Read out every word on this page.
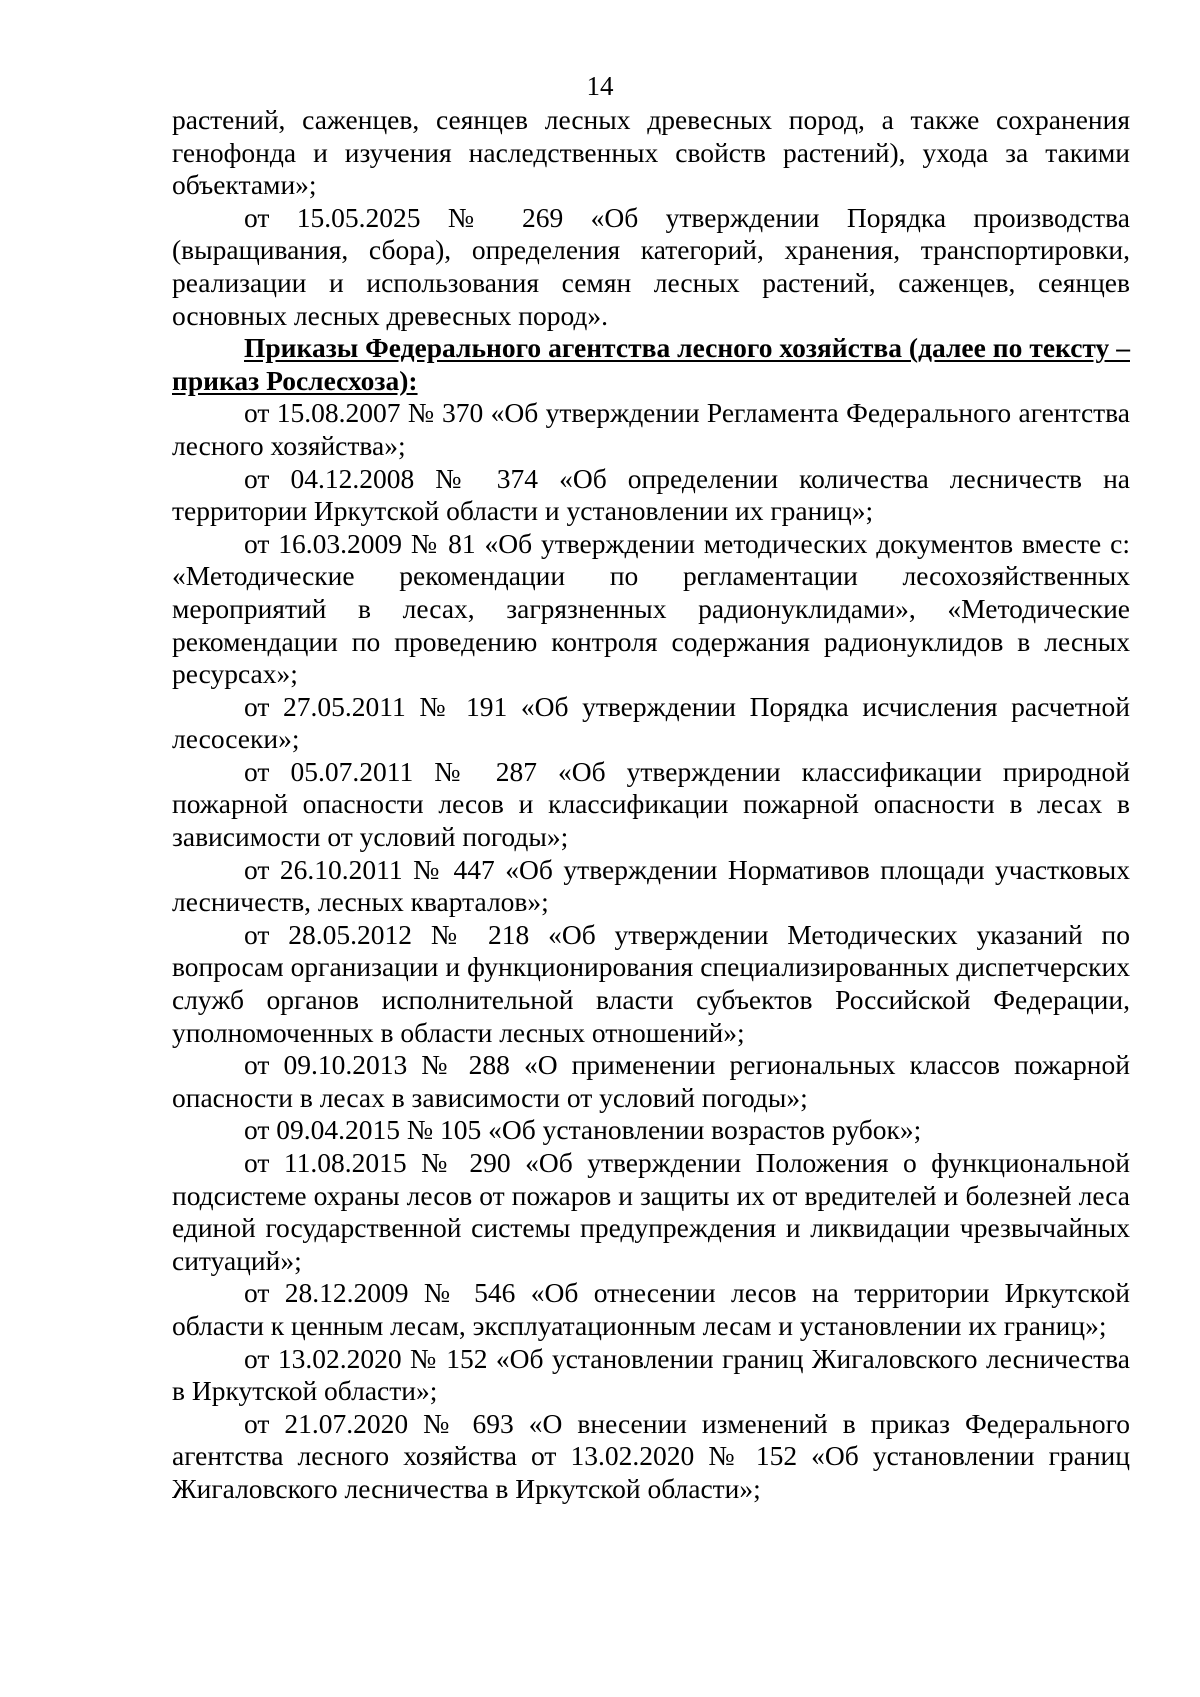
14

растений, саженцев, сеянцев лесных древесных пород, а также сохранения генофонда и изучения наследственных свойств растений), ухода за такими объектами»;

от 15.05.2025 № 269 «Об утверждении Порядка производства (выращивания, сбора), определения категорий, хранения, транспортировки, реализации и использования семян лесных растений, саженцев, сеянцев основных лесных древесных пород».

Приказы Федерального агентства лесного хозяйства (далее по тексту – приказ Рослесхоза):

от 15.08.2007 № 370 «Об утверждении Регламента Федерального агентства лесного хозяйства»;

от 04.12.2008 № 374 «Об определении количества лесничеств на территории Иркутской области и установлении их границ»;

от 16.03.2009 № 81 «Об утверждении методических документов вместе с: «Методические рекомендации по регламентации лесохозяйственных мероприятий в лесах, загрязненных радионуклидами», «Методические рекомендации по проведению контроля содержания радионуклидов в лесных ресурсах»;

от 27.05.2011 № 191 «Об утверждении Порядка исчисления расчетной лесосеки»;

от 05.07.2011 № 287 «Об утверждении классификации природной пожарной опасности лесов и классификации пожарной опасности в лесах в зависимости от условий погоды»;

от 26.10.2011 № 447 «Об утверждении Нормативов площади участковых лесничеств, лесных кварталов»;

от 28.05.2012 № 218 «Об утверждении Методических указаний по вопросам организации и функционирования специализированных диспетчерских служб органов исполнительной власти субъектов Российской Федерации, уполномоченных в области лесных отношений»;

от 09.10.2013 № 288 «О применении региональных классов пожарной опасности в лесах в зависимости от условий погоды»;

от 09.04.2015 № 105 «Об установлении возрастов рубок»;

от 11.08.2015 № 290 «Об утверждении Положения о функциональной подсистеме охраны лесов от пожаров и защиты их от вредителей и болезней леса единой государственной системы предупреждения и ликвидации чрезвычайных ситуаций»;

от 28.12.2009 № 546 «Об отнесении лесов на территории Иркутской области к ценным лесам, эксплуатационным лесам и установлении их границ»;

от 13.02.2020 № 152 «Об установлении границ Жигаловского лесничества в Иркутской области»;

от 21.07.2020 № 693 «О внесении изменений в приказ Федерального агентства лесного хозяйства от 13.02.2020 № 152 «Об установлении границ Жигаловского лесничества в Иркутской области»;
